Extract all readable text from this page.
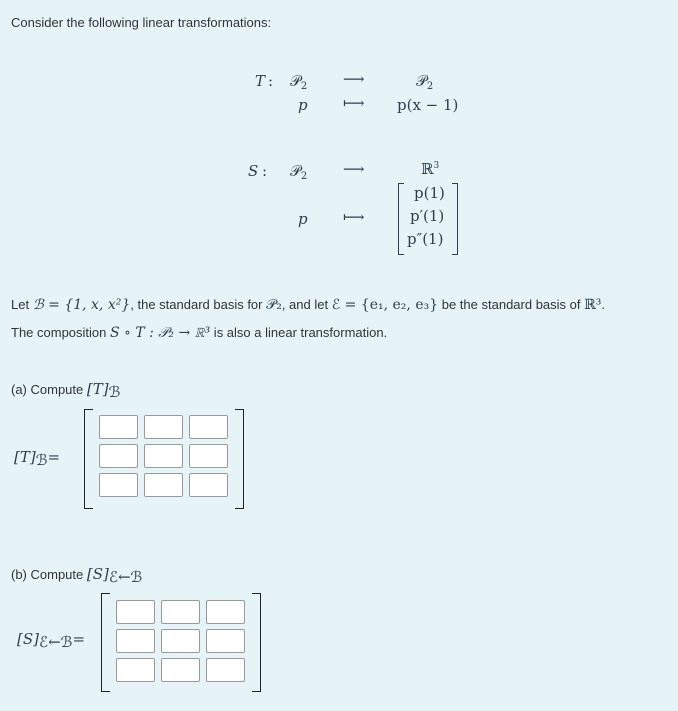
Consider the following linear transformations:
T : 𝒫$_2$ ⟶	𝒫$_2$
p ⟼ p(x − 1)
S : 𝒫$_2$ ⟶	ℝ$^3$
p ⟼
p(1)
p′(1)
p″(1)
Let ℬ = {1, x, x²}, the standard basis for 𝒫₂, and let ℰ = {e₁, e₂, e₃} be the standard basis of ℝ³.
The composition S ∘ T : 𝒫₂ → ℝ³ is also a linear transformation.
(a) Compute [T]ℬ
[T]ℬ=
(b) Compute [S]ℰ←ℬ
[S]ℰ←ℬ=
